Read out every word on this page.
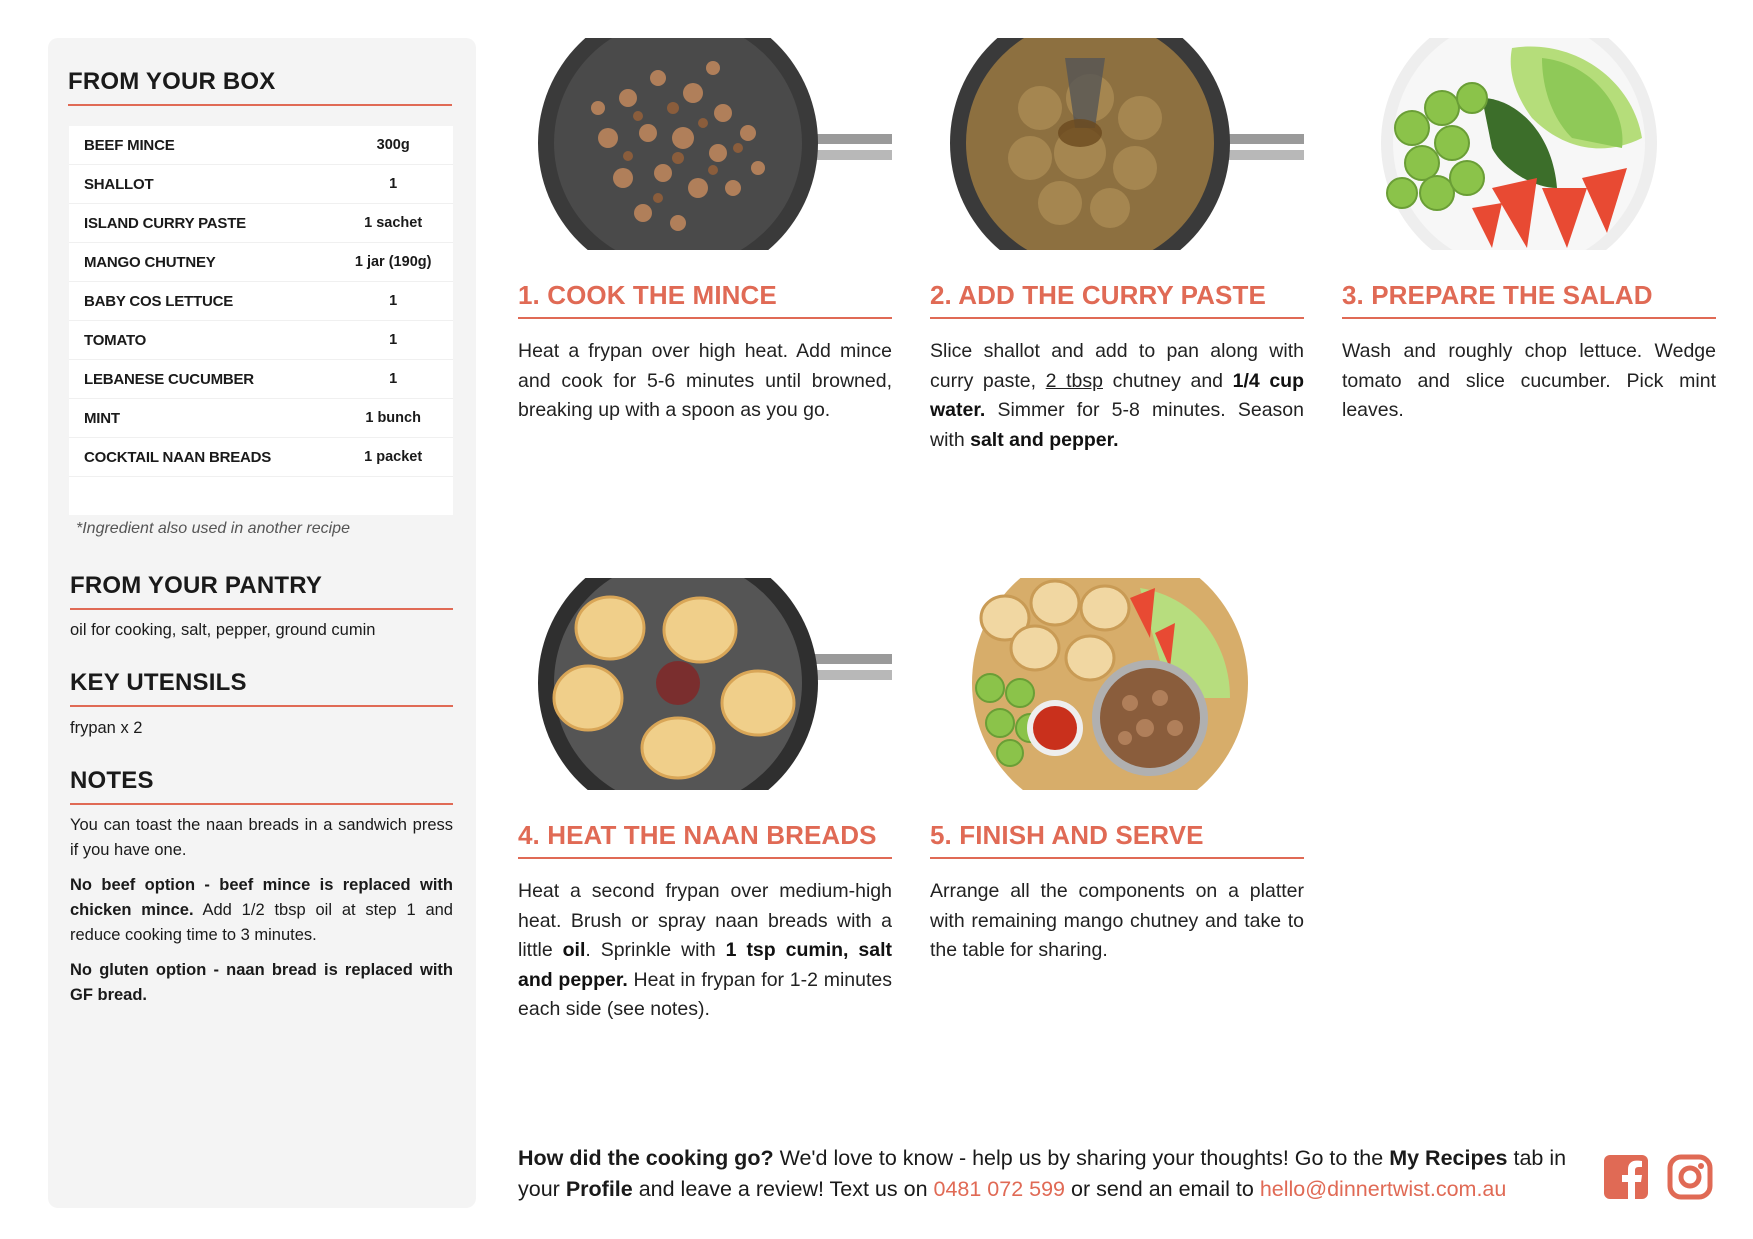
FROM YOUR BOX
BEEF MINCE	300g
SHALLOT	1
ISLAND CURRY PASTE	1 sachet
MANGO CHUTNEY	1 jar (190g)
BABY COS LETTUCE	1
TOMATO	1
LEBANESE CUCUMBER	1
MINT	1 bunch
COCKTAIL NAAN BREADS	1 packet
*Ingredient also used in another recipe
FROM YOUR PANTRY
oil for cooking, salt, pepper, ground cumin
KEY UTENSILS
frypan x 2
NOTES

You can toast the naan breads in a sandwich press if you have one.

No beef option - beef mince is replaced with chicken mince. Add 1/2 tbsp oil at step 1 and reduce cooking time to 3 minutes.

No gluten option - naan bread is replaced with GF bread.

1. COOK THE MINCE
Heat a frypan over high heat. Add mince and cook for 5-6 minutes until browned, breaking up with a spoon as you go.
2. ADD THE CURRY PASTE
Slice shallot and add to pan along with curry paste, 2 tbsp chutney and 1/4 cup water. Simmer for 5-8 minutes. Season with salt and pepper.
3. PREPARE THE SALAD
Wash and roughly chop lettuce. Wedge tomato and slice cucumber. Pick mint leaves.
4. HEAT THE NAAN BREADS
Heat a second frypan over medium-high heat. Brush or spray naan breads with a little oil. Sprinkle with 1 tsp cumin, salt and pepper. Heat in frypan for 1-2 minutes each side (see notes).
5. FINISH AND SERVE
Arrange all the components on a platter with remaining mango chutney and take to the table for sharing.
How did the cooking go? We'd love to know - help us by sharing your thoughts! Go to the My Recipes tab in your Profile and leave a review! Text us on 0481 072 599 or send an email to hello@dinnertwist.com.au
